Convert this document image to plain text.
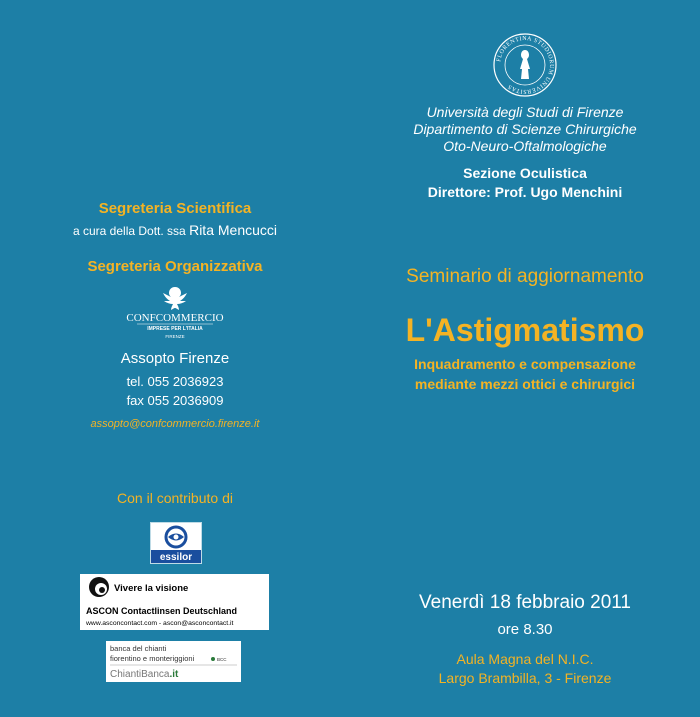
Segreteria Scientifica
a cura della Dott. ssa Rita Mencucci
Segreteria Organizzativa
CONFCOMMERCIO
IMPRESE PER L'ITALIA
FIRENZE
Assopto Firenze
tel. 055 2036923
fax 055 2036909
assopto@confcommercio.firenze.it
Con il contributo di
essilor
Vivere la visione
ASCON Contactlinsen Deutschland
www.asconcontact.com - ascon@asconcontact.it
banca del chianti
fiorentino e monteriggioni	BCC
ChiantiBanca.it
FLORENTINA STUDIORUM UNIVERSITAS
Università degli Studi di Firenze
Dipartimento di Scienze Chirurgiche
Oto-Neuro-Oftalmologiche
Sezione Oculistica
Direttore: Prof. Ugo Menchini
Seminario di aggiornamento
L'Astigmatismo
Inquadramento e compensazione
mediante mezzi ottici e chirurgici
Venerdì 18 febbraio 2011
ore 8.30
Aula Magna del N.I.C.
Largo Brambilla, 3 - Firenze
